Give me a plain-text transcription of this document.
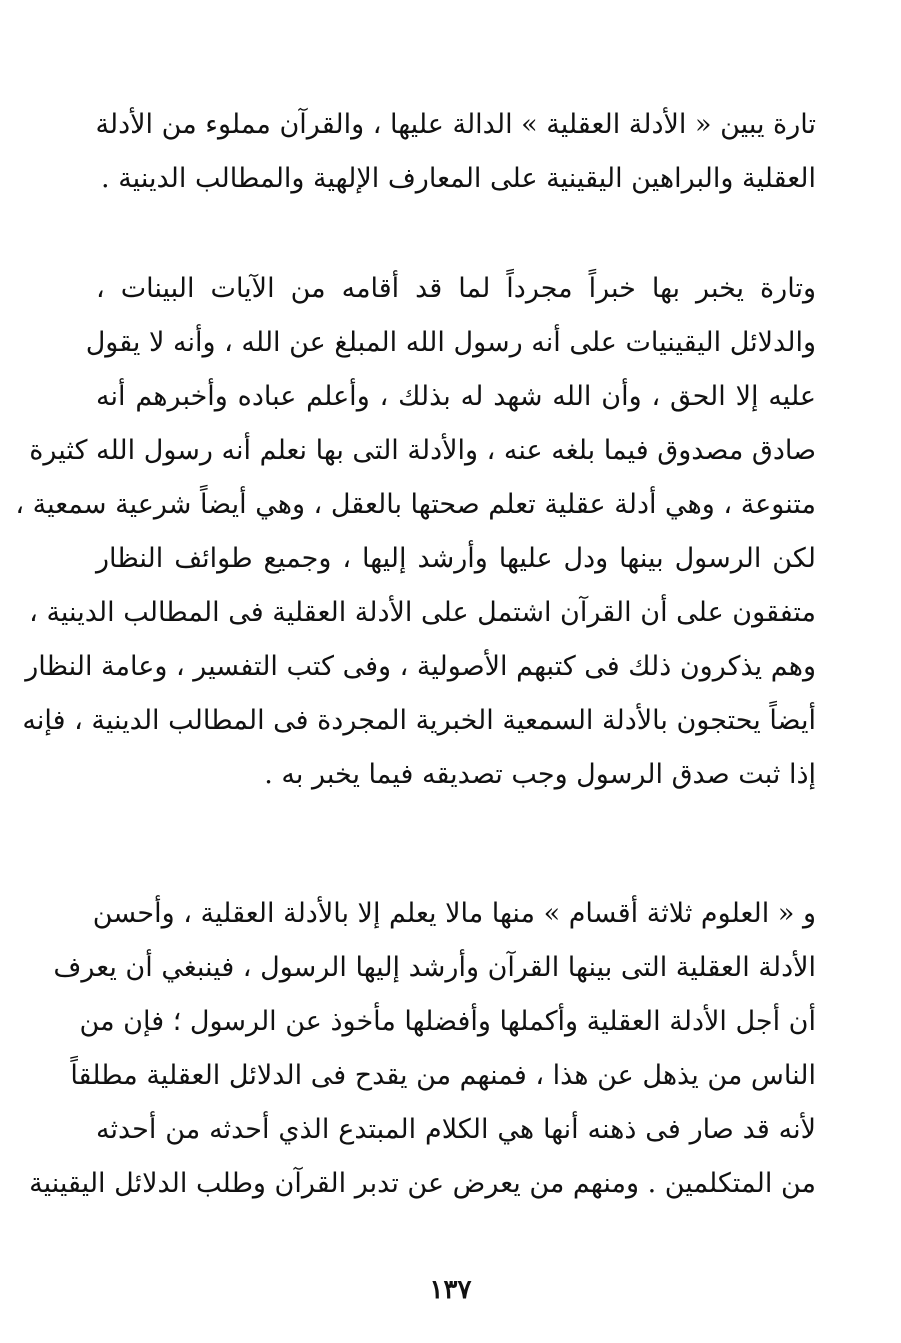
تارة يبين « الأدلة العقلية » الدالة عليها ، والقرآن مملوء من الأدلة
العقلية والبراهين اليقينية على المعارف الإلهية والمطالب الدينية .
وتارة يخبر بها خبراً مجرداً لما قد أقامه من الآيات البينات ،
والدلائل اليقينيات على أنه رسول الله المبلغ عن الله ، وأنه لا يقول
عليه إلا الحق ، وأن الله شهد له بذلك ، وأعلم عباده وأخبرهم أنه
صادق مصدوق فيما بلغه عنه ، والأدلة التى بها نعلم أنه رسول الله كثيرة
متنوعة ، وهي أدلة عقلية تعلم صحتها بالعقل ، وهي أيضاً شرعية سمعية ،
لكن الرسول بينها ودل عليها وأرشد إليها ، وجميع طوائف النظار
متفقون على أن القرآن اشتمل على الأدلة العقلية فى المطالب الدينية ،
وهم يذكرون ذلك فى كتبهم الأصولية ، وفى كتب التفسير ، وعامة النظار
أيضاً يحتجون بالأدلة السمعية الخبرية المجردة فى المطالب الدينية ، فإنه
إذا ثبت صدق الرسول وجب تصديقه فيما يخبر به .
و « العلوم ثلاثة أقسام » منها مالا يعلم إلا بالأدلة العقلية ، وأحسن
الأدلة العقلية التى بينها القرآن وأرشد إليها الرسول ، فينبغي أن يعرف
أن أجل الأدلة العقلية وأكملها وأفضلها مأخوذ عن الرسول ؛ فإن من
الناس من يذهل عن هذا ، فمنهم من يقدح فى الدلائل العقلية مطلقاً
لأنه قد صار فى ذهنه أنها هي الكلام المبتدع الذي أحدثه من أحدثه
من المتكلمين . ومنهم من يعرض عن تدبر القرآن وطلب الدلائل اليقينية
١٣٧
